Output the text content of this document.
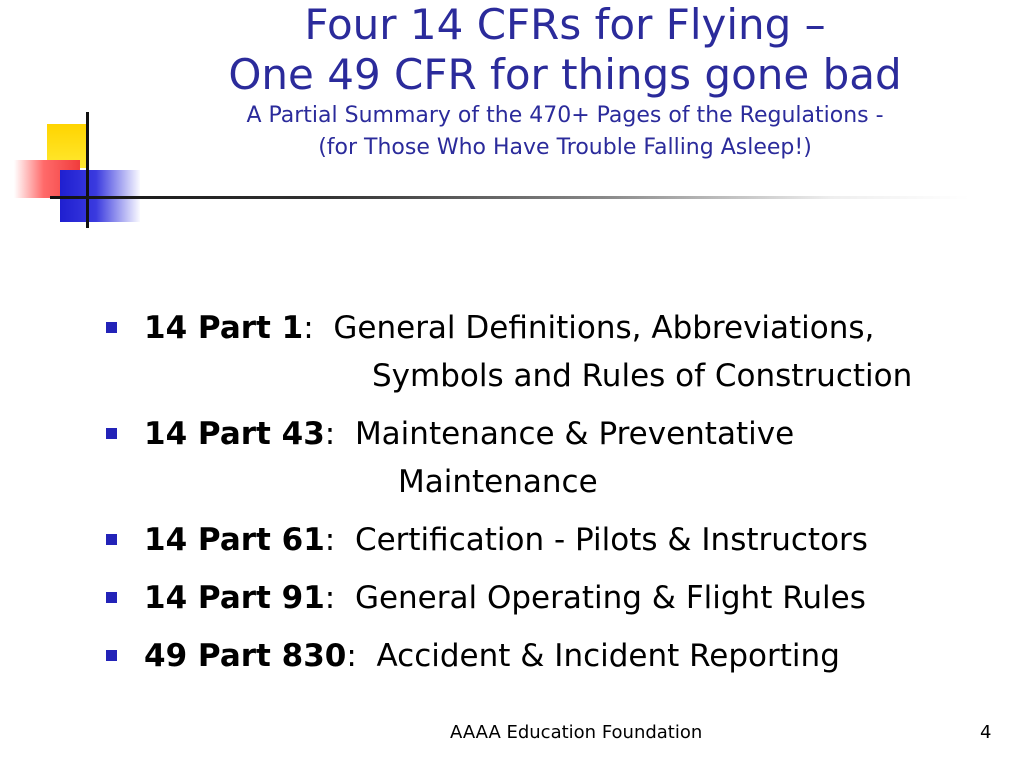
Four 14 CFRs for Flying –
One 49 CFR for things gone bad
A Partial Summary of the 470+ Pages of the Regulations -
(for Those Who Have Trouble Falling Asleep!)
14 Part 1:  General Definitions, Abbreviations,
Symbols and Rules of Construction
14 Part 43:  Maintenance & Preventative
Maintenance
14 Part 61:  Certification - Pilots & Instructors
14 Part 91:  General Operating & Flight Rules
49 Part 830:  Accident & Incident Reporting
AAAA Education Foundation	4
